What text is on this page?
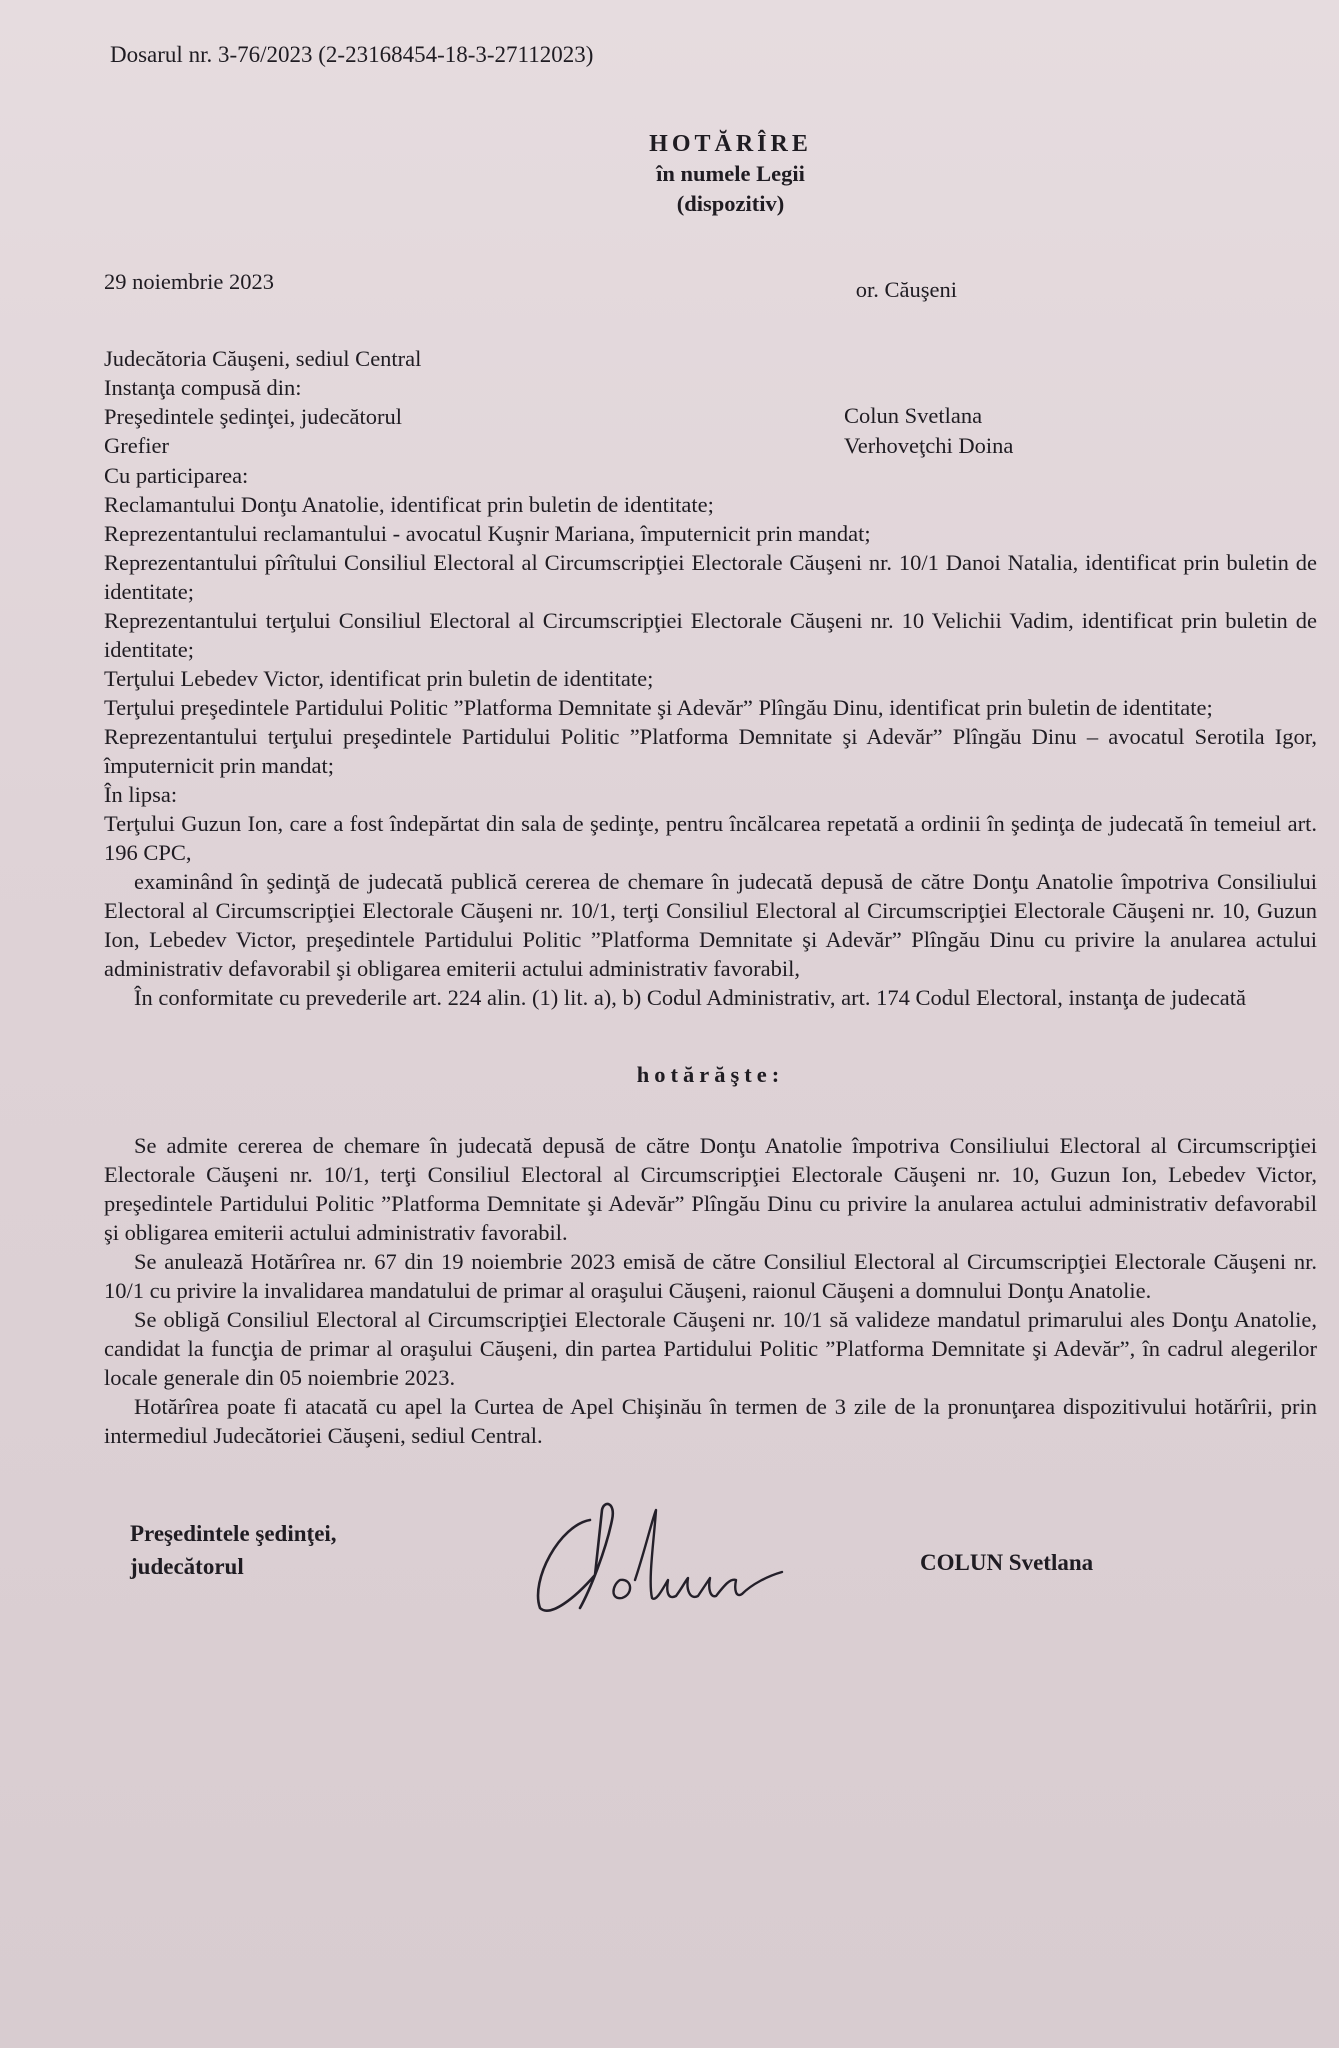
Dosarul nr. 3-76/2023 (2-23168454-18-3-27112023)
HOTĂRÎRE
în numele Legii
(dispozitiv)
29 noiembrie 2023	or. Căuşeni
Judecătoria Căuşeni, sediul Central
Instanţa compusă din:
Preşedintele şedinţei, judecătorul
Grefier
Colun Svetlana
Verhoveţchi Doina
Cu participarea:

Reclamantului Donţu Anatolie, identificat prin buletin de identitate;

Reprezentantului reclamantului - avocatul Kuşnir Mariana, împuternicit prin mandat;

Reprezentantului pîrîtului Consiliul Electoral al Circumscripţiei Electorale Căuşeni nr. 10/1 Danoi Natalia, identificat prin buletin de identitate;

Reprezentantului terţului Consiliul Electoral al Circumscripţiei Electorale Căuşeni nr. 10 Velichii Vadim, identificat prin buletin de identitate;

Terţului Lebedev Victor, identificat prin buletin de identitate;

Terţului preşedintele Partidului Politic ”Platforma Demnitate şi Adevăr” Plîngău Dinu, identificat prin buletin de identitate;

Reprezentantului terţului preşedintele Partidului Politic ”Platforma Demnitate şi Adevăr” Plîngău Dinu – avocatul Serotila Igor, împuternicit prin mandat;

În lipsa:

Terţului Guzun Ion, care a fost îndepărtat din sala de şedinţe, pentru încălcarea repetată a ordinii în şedinţa de judecată în temeiul art. 196 CPC,

examinând în şedinţă de judecată publică cererea de chemare în judecată depusă de către Donţu Anatolie împotriva Consiliului Electoral al Circumscripţiei Electorale Căuşeni nr. 10/1, terţi Consiliul Electoral al Circumscripţiei Electorale Căuşeni nr. 10, Guzun Ion, Lebedev Victor, preşedintele Partidului Politic ”Platforma Demnitate şi Adevăr” Plîngău Dinu cu privire la anularea actului administrativ defavorabil şi obligarea emiterii actului administrativ favorabil,

În conformitate cu prevederile art. 224 alin. (1) lit. a), b) Codul Administrativ, art. 174 Codul Electoral, instanţa de judecată

hotărăşte:

Se admite cererea de chemare în judecată depusă de către Donţu Anatolie împotriva Consiliului Electoral al Circumscripţiei Electorale Căuşeni nr. 10/1, terţi Consiliul Electoral al Circumscripţiei Electorale Căuşeni nr. 10, Guzun Ion, Lebedev Victor, preşedintele Partidului Politic ”Platforma Demnitate şi Adevăr” Plîngău Dinu cu privire la anularea actului administrativ defavorabil şi obligarea emiterii actului administrativ favorabil.

Se anulează Hotărîrea nr. 67 din 19 noiembrie 2023 emisă de către Consiliul Electoral al Circumscripţiei Electorale Căuşeni nr. 10/1 cu privire la invalidarea mandatului de primar al oraşului Căuşeni, raionul Căuşeni a domnului Donţu Anatolie.

Se obligă Consiliul Electoral al Circumscripţiei Electorale Căuşeni nr. 10/1 să valideze mandatul primarului ales Donţu Anatolie, candidat la funcţia de primar al oraşului Căuşeni, din partea Partidului Politic ”Platforma Demnitate şi Adevăr”, în cadrul alegerilor locale generale din 05 noiembrie 2023.

Hotărîrea poate fi atacată cu apel la Curtea de Apel Chişinău în termen de 3 zile de la pronunţarea dispozitivului hotărîrii, prin intermediul Judecătoriei Căuşeni, sediul Central.

Preşedintele şedinţei,
judecătorul	COLUN Svetlana
